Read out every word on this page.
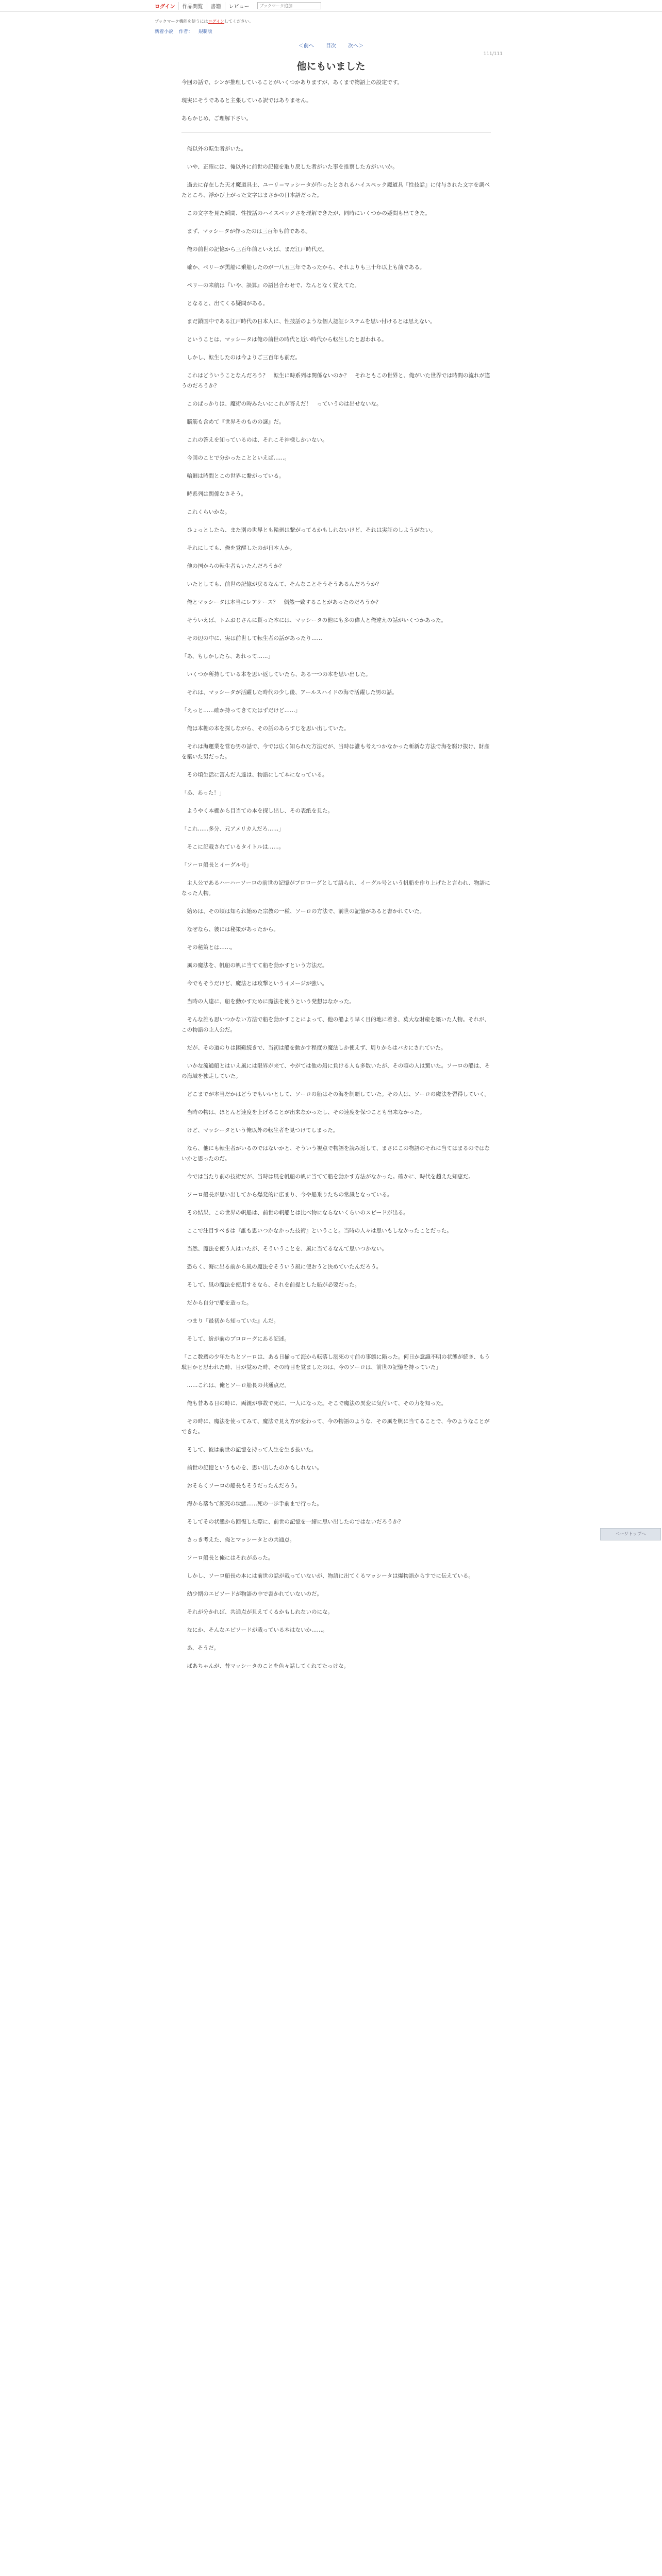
ログイン	作品閲覧	書籍	レビュー
ブックマーク追加
ブックマーク機能を使うにはログインしてください。
新着小説 作者： 規制版
＜前へ 目次 次へ＞
111/111
他にもいました

今回の話で、シンが推理していることがいくつかありますが、あくまで物語上の設定です。

現実にそうであると主張している訳ではありません。

あらかじめ、ご理解下さい。

俺以外の転生者がいた。

いや、正確には、俺以外に前世の記憶を取り戻した者がいた事を推察した方がいいか。

過去に存在した天才魔道具士、ユーリ＝マッシータが作ったとされるハイスペック魔道具『性技話』に付与された文字を調べたところ、浮かび上がった文字はまさかの日本語だった。

この文字を見た瞬間、性技話のハイスペックさを理解できたが、同時にいくつかの疑問も出てきた。

まず、マッシータが作ったのは三百年も前である。

俺の前世の記憶から三百年前といえば、まだ江戸時代だ。

確か、ペリーが黒船に乗船したのが一八五三年であったから、それよりも三十年以上も前である。

ペリーの来航は『いや、誤算』の語呂合わせで、なんとなく覚えてた。

となると、出てくる疑問がある。

まだ鎖国中である江戸時代の日本人に、性技話のような個人認証システムを思い付けるとは思えない。

ということは、マッシータは俺の前世の時代と近い時代から転生したと思われる。

しかし、転生したのは今よりご三百年も前だ。

これはどういうことなんだろう？　転生に時系列は関係ないのか？　それともこの世界と、俺がいた世界では時間の流れが違うのだろうか？

このばっかりは、魔術の時みたいにこれが答えだ！　っていうのは出せないな。

脳筋も含めて『世界そのものの謎』だ。

これの答えを知っているのは、それこそ神様しかいない。

今回のことで分かったことといえば……。

輪廻は時間とこの世界に繋がっている。

時系列は関係なさそう。

これくらいかな。

ひょっとしたら、また別の世界とも輪廻は繋がってるかもしれないけど、それは実証のしようがない。

それにしても、俺を覚醒したのが日本人か。

他の国からの転生者もいたんだろうか？

いたとしても、前世の記憶が戻るなんて、そんなことそうそうあるんだろうか？

俺とマッシータは本当にレアケース？　偶然一致することがあったのだろうか？

そういえば、トムおじさんに貰った本には、マッシータの他にも多の偉人と俺違えの話がいくつかあった。

その辺の中に、実は前世して転生者の話があったり……

「あ、もしかしたら、あれって……」

いくつか所持している本を思い返していたら、ある一つの本を思い出した。

それは、マッシータが活躍した時代の少し後、アールスハイドの海で活躍した男の話。

「えっと……確か持ってきてたはずだけど……」

俺は本棚の本を探しながら、その話のあらすじを思い出していた。

それは海運業を営む男の話で、今では広く知られた方法だが、当時は誰も考えつかなかった斬新な方法で海を駆け抜け、財産を築いた男だった。

その頃生活に富んだ人達は、物語にして本になっている。

「あ、あった！」

ようやく本棚から目当ての本を探し出し、その表紙を見た。

「これ……多分、元アメリカ人だろ……」

そこに記載されているタイトルは……。

「ソーロ船長とイーグル号」

主人公であるハーハーソーロの前世の記憶がプロローグとして語られ、イーグル号という帆船を作り上げたと言われ、物語になった人物。

始めは、その頃は知られ始めた宗教の一種、ソーロの方法で、前世の記憶があると書かれていた。

なぜなら、彼には秘策があったから。

その秘策とは……。

風の魔法を、帆船の帆に当てて船を動かすという方法だ。

今でもそうだけど、魔法とは攻撃というイメージが強い。

当時の人達に、船を動かすために魔法を使うという発想はなかった。

そんな誰も思いつかない方法で船を動かすことによって、他の船より早く目的地に着き、莫大な財産を築いた人物。それが、この物語の主人公だ。

だが、その道のりは困難続きで、当初は船を動かす程度の魔法しか使えず、周りからはバカにされていた。

いかな流通船とはいえ風には限界が来て、やがては他の船に負ける人も多数いたが、その頃の人は驚いた。ソーロの船は、その海域を独走していた。

どこまでが本当だかはどうでもいいとして、ソーロの船はその海を制覇していた。その人は、ソーロの魔法を習得していく。

当時の物は、ほとんど速度を上げることが出来なかったし、その速度を保つことも出来なかった。

けど、マッシータという俺以外の転生者を見つけてしまった。

なら、他にも転生者がいるのではないかと、そういう視点で物語を読み返して、まさにこの物語のそれに当てはまるのではないかと思ったのだ。

今では当たり前の技術だが、当時は風を帆船の帆に当てて船を動かす方法がなかった。確かに、時代を超えた知恵だ。

ソーロ船長が思い出してから爆発的に広まり、今や船乗りたちの常識となっている。

その結果、この世界の帆船は、前世の帆船とは比べ物にならないくらいのスピードが出る。

ここで注目すべきは『誰も思いつかなかった技術』ということ。当時の人々は思いもしなかったことだった。

当然、魔法を使う人はいたが、そういうことを、風に当てるなんて思いつかない。

恐らく、海に出る前から風の魔法をそういう風に使おうと決めていたんだろう。

そして、風の魔法を使用するなら、それを前提とした船が必要だった。

だから自分で船を造った。

つまり『最初から知っていた』んだ。

そして、紛が前のプロローグにある記述。

「ここ数週の少年たちとソーロは、ある日揃って海から転落し溺死の寸前の事態に陥った。何日か意識不明の状態が続き、もう駄目かと思われた時、目が覚めた時、その時目を覚ましたのは、今のソーロは、前世の記憶を持っていた」

……これは、俺とソーロ船長の共通点だ。

俺も昔ある日の時に、両親が事故で死に、一人になった。そこで魔法の異変に気付いて、その力を知った。

その時に、魔法を使ってみて、魔法で見え方が変わって、今の物語のような、その風を帆に当てることで、今のようなことができた。

そして、彼は前世の記憶を持って人生を生き抜いた。

前世の記憶というものを、思い出したのかもしれない。

おそらくソーロの船長もそうだったんだろう。

海から落ちて瀕死の状態……死の一歩手前まで行った。

そしてその状態から回復した際に、前世の記憶を一緒に思い出したのではないだろうか？

さっき考えた、俺とマッシータとの共通点。

ソーロ船長と俺にはそれがあった。

しかし、ソーロ船長の本には前世の話が載っていないが、物語に出てくるマッシータは爆物語からすでに伝えている。

幼少期のエピソードが物語の中で書かれていないのだ。

それが分かれば、共通点が見えてくるかもしれないのにな。

なにか、そんなエピソードが載っている本はないか……。

あ、そうだ。

ばあちゃんが、昔マッシータのことを色々話してくれてたっけな。

ページトップへ
